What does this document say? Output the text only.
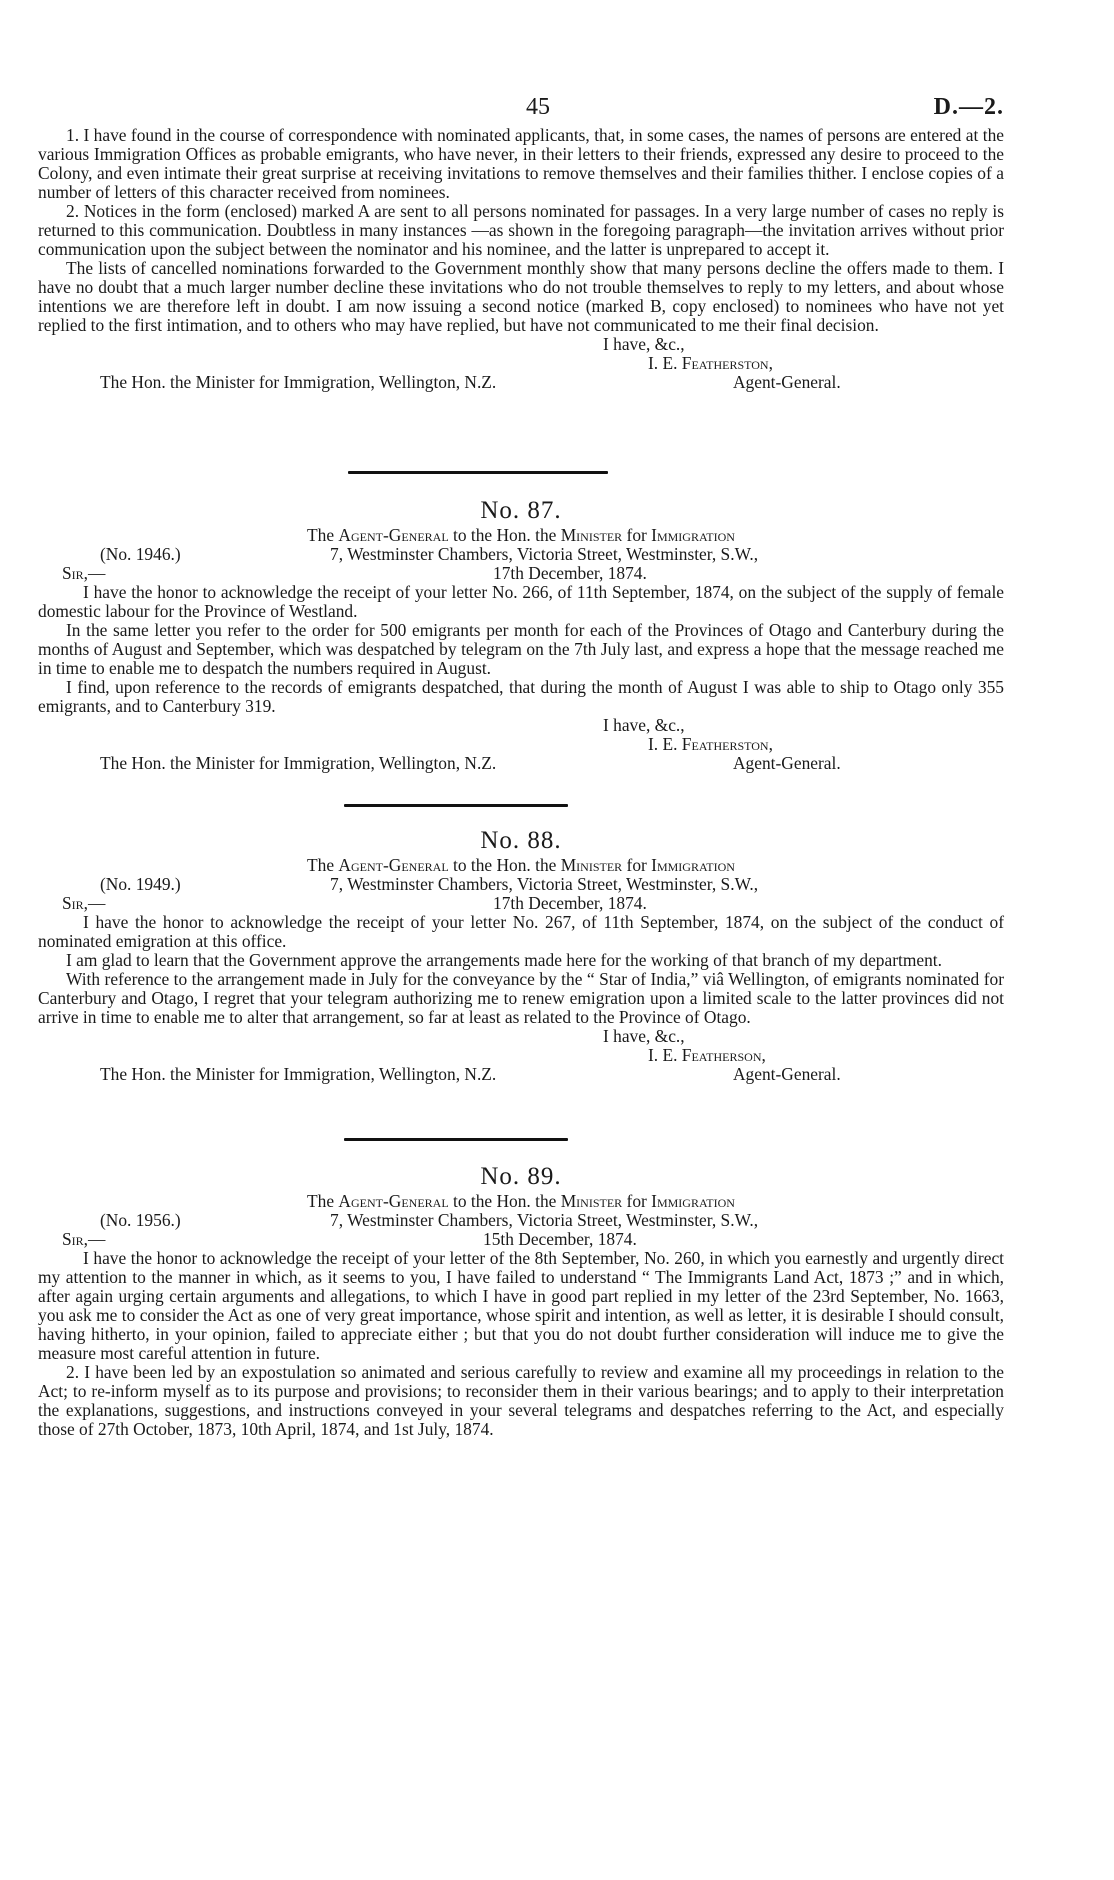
45	D.—2.

1. I have found in the course of correspondence with nominated applicants, that, in some cases, the names of persons are entered at the various Immigration Offices as probable emigrants, who have never, in their letters to their friends, expressed any desire to proceed to the Colony, and even intimate their great surprise at receiving invitations to remove themselves and their families thither. I enclose copies of a number of letters of this character received from nominees.

2. Notices in the form (enclosed) marked A are sent to all persons nominated for passages. In a very large number of cases no reply is returned to this communication. Doubtless in many instances —as shown in the foregoing paragraph—the invitation arrives without prior communication upon the subject between the nominator and his nominee, and the latter is unprepared to accept it.

The lists of cancelled nominations forwarded to the Government monthly show that many persons decline the offers made to them. I have no doubt that a much larger number decline these invitations who do not trouble themselves to reply to my letters, and about whose intentions we are therefore left in doubt. I am now issuing a second notice (marked B, copy enclosed) to nominees who have not yet replied to the first intimation, and to others who may have replied, but have not communicated to me their final decision.

I have, &c.,
I. E. Featherston,
The Hon. the Minister for Immigration, Wellington, N.Z.	Agent-General.

No. 87.

The Agent-General to the Hon. the Minister for Immigration

(No. 1946.)	7, Westminster Chambers, Victoria Street, Westminster, S.W.,
Sir,—	17th December, 1874.

I have the honor to acknowledge the receipt of your letter No. 266, of 11th September, 1874, on the subject of the supply of female domestic labour for the Province of Westland.

In the same letter you refer to the order for 500 emigrants per month for each of the Provinces of Otago and Canterbury during the months of August and September, which was despatched by telegram on the 7th July last, and express a hope that the message reached me in time to enable me to despatch the numbers required in August.

I find, upon reference to the records of emigrants despatched, that during the month of August I was able to ship to Otago only 355 emigrants, and to Canterbury 319.

I have, &c.,
I. E. Featherston,
The Hon. the Minister for Immigration, Wellington, N.Z.	Agent-General.

No. 88.

The Agent-General to the Hon. the Minister for Immigration

(No. 1949.)	7, Westminster Chambers, Victoria Street, Westminster, S.W.,
Sir,—	17th December, 1874.

I have the honor to acknowledge the receipt of your letter No. 267, of 11th September, 1874, on the subject of the conduct of nominated emigration at this office.

I am glad to learn that the Government approve the arrangements made here for the working of that branch of my department.

With reference to the arrangement made in July for the conveyance by the “ Star of India,” viâ Wellington, of emigrants nominated for Canterbury and Otago, I regret that your telegram authorizing me to renew emigration upon a limited scale to the latter provinces did not arrive in time to enable me to alter that arrangement, so far at least as related to the Province of Otago.

I have, &c.,
I. E. Featherson,
The Hon. the Minister for Immigration, Wellington, N.Z.	Agent-General.

No. 89.

The Agent-General to the Hon. the Minister for Immigration

(No. 1956.)	7, Westminster Chambers, Victoria Street, Westminster, S.W.,
Sir,—	15th December, 1874.

I have the honor to acknowledge the receipt of your letter of the 8th September, No. 260, in which you earnestly and urgently direct my attention to the manner in which, as it seems to you, I have failed to understand “ The Immigrants Land Act, 1873 ;” and in which, after again urging certain arguments and allegations, to which I have in good part replied in my letter of the 23rd September, No. 1663, you ask me to consider the Act as one of very great importance, whose spirit and intention, as well as letter, it is desirable I should consult, having hitherto, in your opinion, failed to appreciate either ; but that you do not doubt further consideration will induce me to give the measure most careful attention in future.

2. I have been led by an expostulation so animated and serious carefully to review and examine all my proceedings in relation to the Act; to re-inform myself as to its purpose and provisions; to reconsider them in their various bearings; and to apply to their interpretation the explanations, suggestions, and instructions conveyed in your several telegrams and despatches referring to the Act, and especially those of 27th October, 1873, 10th April, 1874, and 1st July, 1874.
